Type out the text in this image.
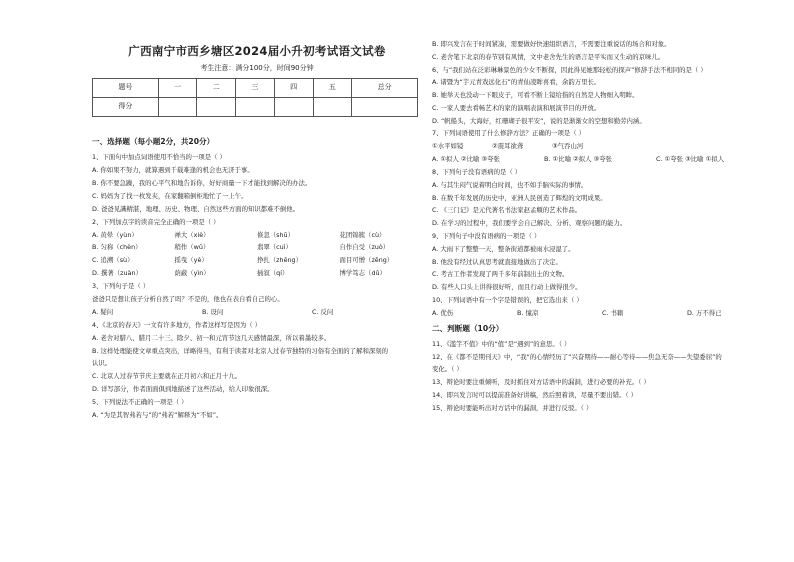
广西南宁市西乡塘区2024届小升初考试语文试卷
考生注意：满分100分，时间90分钟
题号	一	二	三	四	五	总分
得分						
一、选择题（每小题2分，共20分）
1、下面句中加点词语使用不恰当的一项是（ ）
A. 你如果不努力，就算遇到千载难逢的机会也无济于事。
B. 你不要急躁，我的心平气和地告诉你，好好商量一下才能找到解决的办法。
C. 妈妈为了找一枚发夹，在家翻箱倒柜地忙了一上午。
D. 爸爸见識精湛，地理、历史、物理、自然这些方面的知识都难不倒他。
2、下列加点字的读音完全正确的一项是（ ）
A. 黄晕（yùn）	禅大（xiè）	倏忽（shū）	花团锦簇（cù）
B. 匀称（chèn）	稍作（wǔ）	翡翠（cuì）	自作自受（zuò）
C. 追溯（sù）	摇曳（yè）	挣扎（zhēng）	面目可憎（zēng）
D. 撰著（zuàn）	荫蔽（yìn）	插叙（qí）	博学笃志（dǔ）
3、下列句子是（ ）
爸爸只是想让孩子分析自然了吗？不是的，他也在表自看自己的心。
A. 疑问	B. 设问	C. 反问
4、《北京的春天》一文有许多地方，作者这样写是因为（ ）
A. 老舍对腊八、腊月二十三、除夕、初一和元宵节这几天感情最深，所以着墨较多。
B. 这样处理能使文章重点突出，详略得当，有利于读者对北京人过春节独特的习俗有全面的了解和深刻的
认识。
C. 北京人过春节节庆主要就在正月初六和正月十九。
D. 详写部分，作者面面俱到地描述了这些活动，给人印象很深。
5、下列说法不正确的一项是（ ）
A. “为是其智弗若与”的“弗若”解释为“不如”。
B. 即兴发言在于时间紧凑，需要做好快速组织语言，不需要注重说话的场合和对象。
C. 老舍笔下北京的春节别有风情，文中老舍先生的语言是平实而又生动的京味儿。
6、与“我们站在泛彩琳琳景色的少女不断探，因此得见她那轻松的探声”修辞手法不相同的是（ ）
A. 诸暨为“芋元青戏远化石”的青仙凌眸喜看，余韵万里长。
B. 她举天也没动一下眼皮子，可看不断上镜给指的自然是人物细入明眸。
C. 一家人要去看畅艺术的家的演唱表演和展演节目的开放。
D. “帆船头，大海好，红珊瑚子很平安”，说的是渐渐女的空想和勤劳内涵。
7、下列词语使用了什么修辞方法？正确的一项是（ ）
①水平如镜	②震耳欲聋	③气吞山河
A. ①拟人 ②比喻 ③夸张	B. ①比喻 ②拟人 ③夸张	C. ①夸张 ③比喻 ①拟人
8、下列句子没有语病的是（ ）
A. 与其生闷气说着明白时间，也不如手脑实际的事情。
B. 在数千年发展的历史中，亚洲人民创造了辉煌的文明成果。
C. 《三门记》是元代著名书法家赵孟頫的艺术作品。
D. 在学习的过程中，我们要学会自己解决、分析、观察问题的能力。
9、下列句子中没有语病的一项是（ ）
A. 大雨下了整整一天，整条街道都被雨水浸湿了。
B. 他没有经过认真思考就直接地做出了决定。
C. 考古工作者发现了两千多年前制出土的文物。
D. 有些人口头上讲得很好听，而且行动上做得很少。
10、下列词语中有一个字是错误的，把它选出来（ ）
A. 优伤	B. 憧凉	C. 书籍	D. 万不得已
二、判断题（10分）
11、《滥竽不值》中的“值”是“遇到”的意思。（ ）
12、在《都不是期刊天》中，“我”的心情经历了“兴奋期待——耐心等待——焦急无奈——失望委屈”的
变化。（ ）
13、辩论时要注重倾听，及时抓住对方话语中的漏洞，进行必要的补充。（ ）
14、即兴发言时可以提前准备好讲稿，然后照着读，尽量不要出错。（ ）
15、辩论时要能听出对方话中的漏洞，并进行反驳。（ ）
